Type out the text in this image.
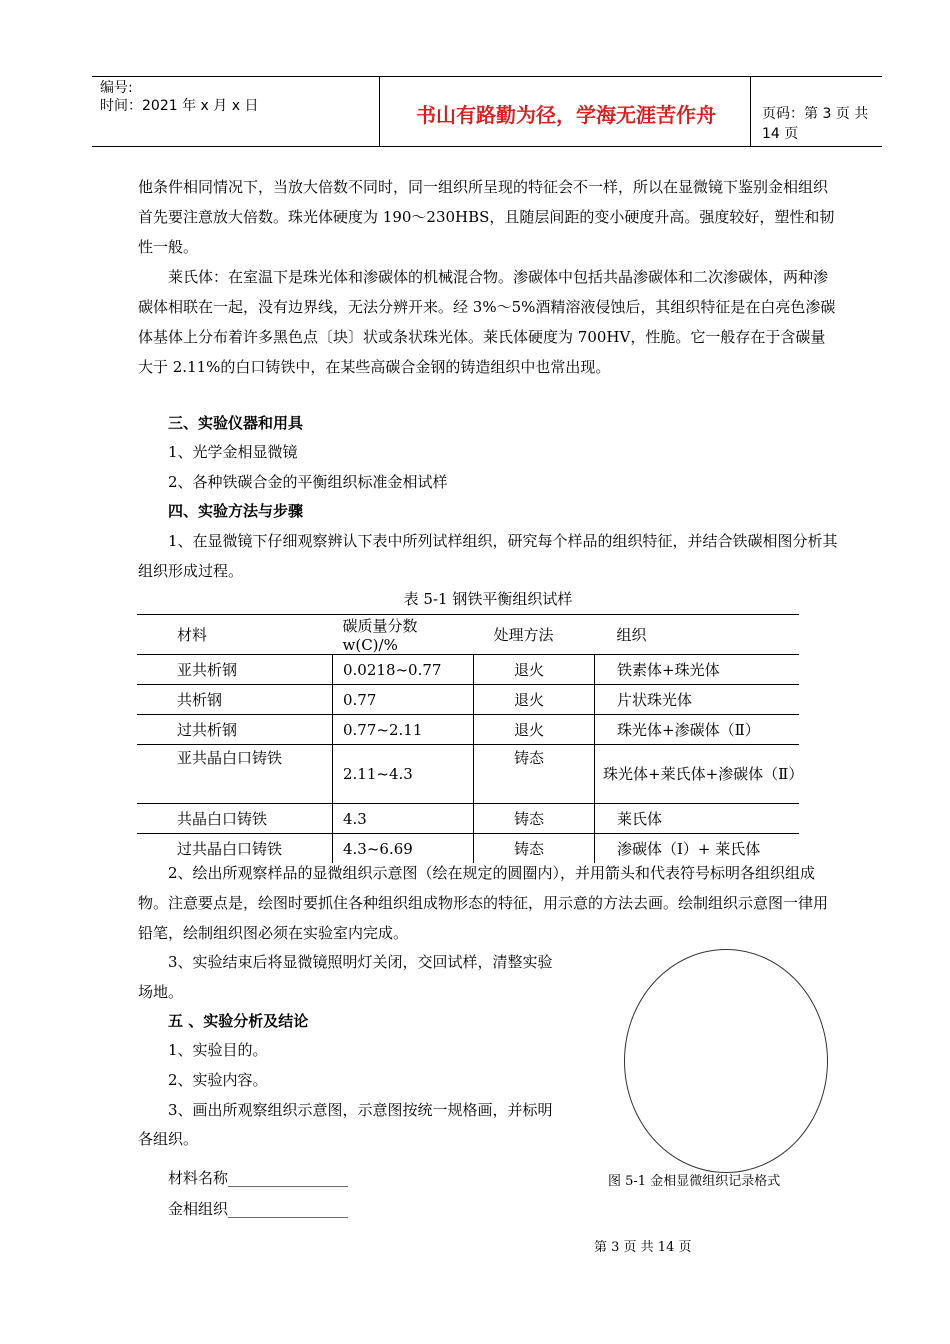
编号:
时间：2021 年 x 月 x 日	书山有路勤为径，学海无涯苦作舟	页码：第 3 页 共 14 页

他条件相同情况下，当放大倍数不同时，同一组织所呈现的特征会不一样，所以在显微镜下鉴别金相组织首先要注意放大倍数。珠光体硬度为 190～230HBS，且随层间距的变小硬度升高。强度较好，塑性和韧性一般。

莱氏体：在室温下是珠光体和渗碳体的机械混合物。渗碳体中包括共晶渗碳体和二次渗碳体，两种渗碳体相联在一起，没有边界线，无法分辨开来。经 3%～5%酒精溶液侵蚀后，其组织特征是在白亮色渗碳体基体上分布着许多黑色点〔块〕状或条状珠光体。莱氏体硬度为 700HV，性脆。它一般存在于含碳量大于 2.11%的白口铸铁中，在某些高碳合金钢的铸造组织中也常出现。

三、实验仪器和用具

1、光学金相显微镜

2、各种铁碳合金的平衡组织标准金相试样

四、实验方法与步骤

1、在显微镜下仔细观察辨认下表中所列试样组织，研究每个样品的组织特征，并结合铁碳相图分析其组织形成过程。

表 5-1 钢铁平衡组织试样
材料	碳质量分数 w(C)/%	处理方法	组织
亚共析钢	0.0218~0.77	退火	铁素体+珠光体
共析钢	0.77	退火	片状珠光体
过共析钢	0.77~2.11	退火	珠光体+渗碳体（Ⅱ）
亚共晶白口铸铁	2.11~4.3	铸态	珠光体+莱氏体+渗碳体（Ⅱ）
共晶白口铸铁	4.3	铸态	莱氏体
过共晶白口铸铁	4.3~6.69	铸态	渗碳体（Ⅰ）+ 莱氏体

2、绘出所观察样品的显微组织示意图（绘在规定的圆圈内），并用箭头和代表符号标明各组织组成物。注意要点是，绘图时要抓住各种组织组成物形态的特征，用示意的方法去画。绘制组织示意图一律用铅笔，绘制组织图必须在实验室内完成。

3、实验结束后将显微镜照明灯关闭，交回试样，清整实验

场地。

五 、实验分析及结论

1、实验目的。

2、实验内容。

3、画出所观察组织示意图，示意图按统一规格画，并标明

各组织。

材料名称________________

金相组织________________

图 5-1 金相显微组织记录格式
第 3 页 共 14 页
